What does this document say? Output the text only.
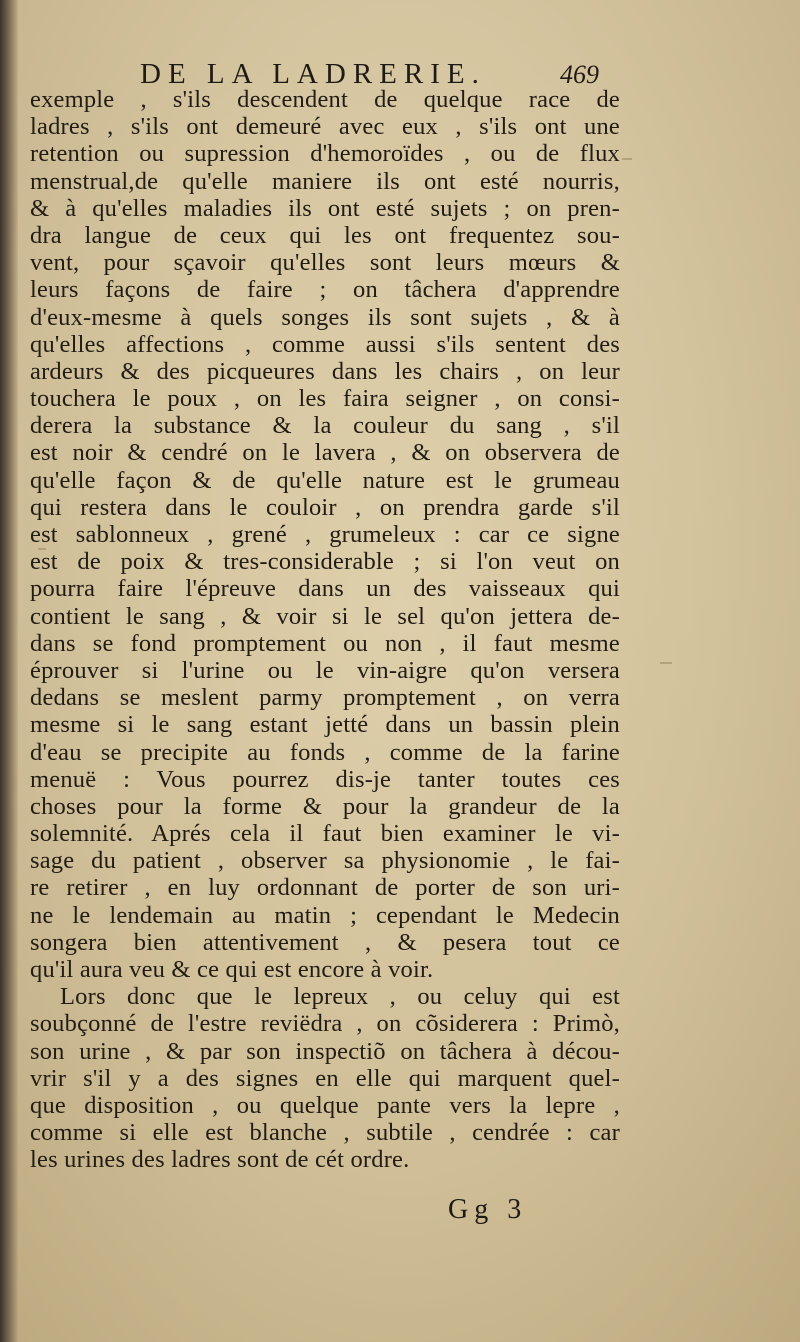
DE LA LADRERIE.	469
exemple , s'ils descendent de quelque race de
ladres , s'ils ont demeuré avec eux , s'ils ont une
retention ou supression d'hemoroïdes , ou de flux
menstrual,de qu'elle maniere ils ont esté nourris,
& à qu'elles maladies ils ont esté sujets ; on pren-
dra langue de ceux qui les ont frequentez sou-
vent, pour sçavoir qu'elles sont leurs mœurs &
leurs façons de faire ; on tâchera d'apprendre
d'eux-mesme à quels songes ils sont sujets , & à
qu'elles affections , comme aussi s'ils sentent des
ardeurs & des picqueures dans les chairs , on leur
touchera le poux , on les faira seigner , on consi-
derera la substance & la couleur du sang , s'il
est noir & cendré on le lavera , & on observera de
qu'elle façon & de qu'elle nature est le grumeau
qui restera dans le couloir , on prendra garde s'il
est sablonneux , grené , grumeleux : car ce signe
est de poix & tres-considerable ; si l'on veut on
pourra faire l'épreuve dans un des vaisseaux qui
contient le sang , & voir si le sel qu'on jettera de-
dans se fond promptement ou non , il faut mesme
éprouver si l'urine ou le vin-aigre qu'on versera
dedans se meslent parmy promptement , on verra
mesme si le sang estant jetté dans un bassin plein
d'eau se precipite au fonds , comme de la farine
menuë : Vous pourrez dis-je tanter toutes ces
choses pour la forme & pour la grandeur de la
solemnité. Aprés cela il faut bien examiner le vi-
sage du patient , observer sa physionomie , le fai-
re retirer , en luy ordonnant de porter de son uri-
ne le lendemain au matin ; cependant le Medecin
songera bien attentivement , & pesera tout ce
qu'il aura veu & ce qui est encore à voir.
Lors donc que le lepreux , ou celuy qui est
soubçonné de l'estre reviëdra , on cõsiderera : Primò,
son urine , & par son inspectiõ on tâchera à décou-
vrir s'il y a des signes en elle qui marquent quel-
que disposition , ou quelque pante vers la lepre ,
comme si elle est blanche , subtile , cendrée : car
les urines des ladres sont de cét ordre.
Gg 3
